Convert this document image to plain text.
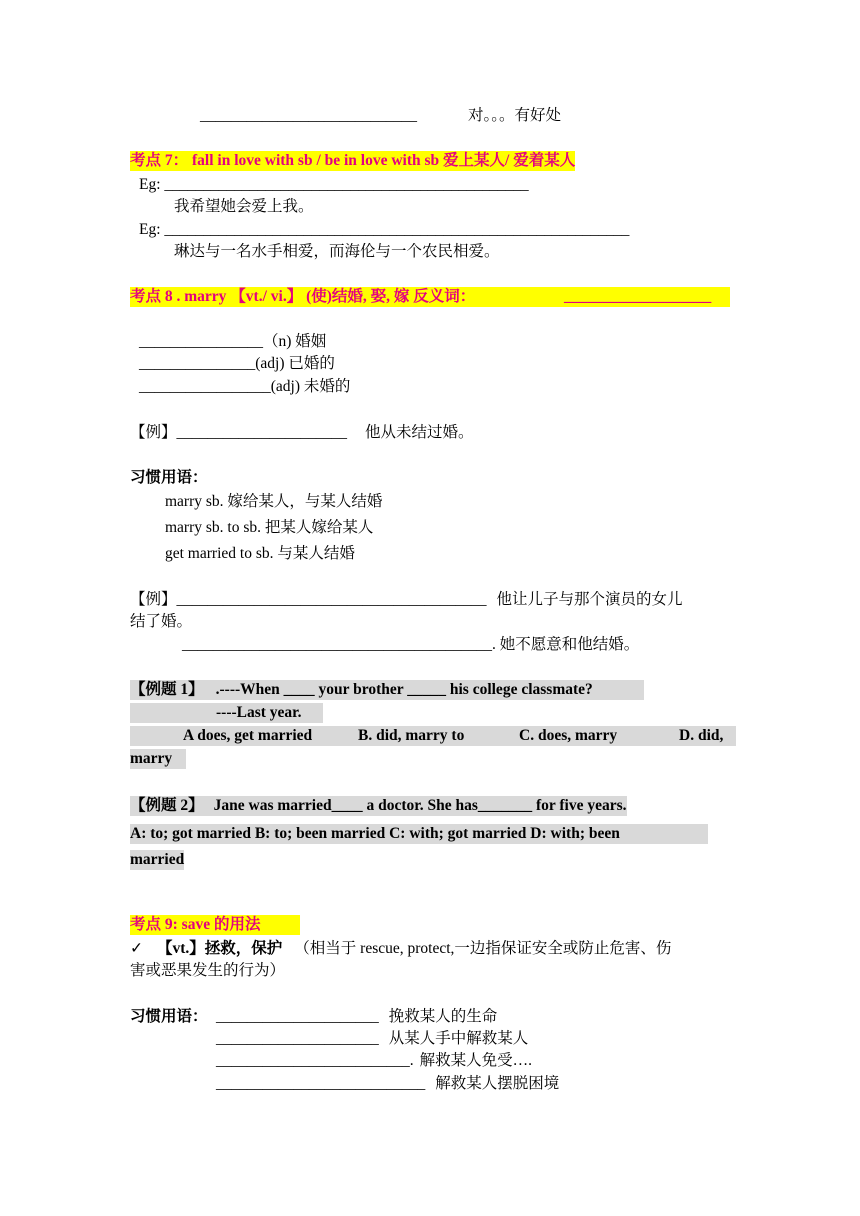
____________________________	对。。。有好处
考点 7： fall in love with sb / be in love with sb 爱上某人/ 爱着某人
Eg: _______________________________________________
我希望她会爱上我。
Eg: ____________________________________________________________
琳达与一名水手相爱，而海伦与一个农民相爱。
考点 8 . marry 【vt./ vi.】 (使)结婚, 娶, 嫁 反义词：	___________________
________________（n) 婚姻
_______________(adj) 已婚的
_________________(adj) 未婚的
【例】______________________ 他从未结过婚。
习惯用语：
marry sb. 嫁给某人，与某人结婚
marry sb. to sb. 把某人嫁给某人
get married to sb. 与某人结婚
【例】________________________________________ 他让儿子与那个演员的女儿
结了婚。
________________________________________. 她不愿意和他结婚。
【例题 1】 .----When ____ your brother _____ his college classmate?
----Last year.
A does, get married	B. did, marry to	C. does, marry	D. did,
marry
【例题 2】 Jane was married____ a doctor. She has_______ for five years.
A: to; got married B: to; been married C: with; got married D: with; been
married
考点 9: save 的用法
✓ 【vt.】拯救，保护 （相当于 rescue, protect,一边指保证安全或防止危害、伤
害或恶果发生的行为）
习惯用语： _____________________ 挽救某人的生命
_____________________ 从某人手中解救某人
_________________________. 解救某人免受….
___________________________ 解救某人摆脱困境
